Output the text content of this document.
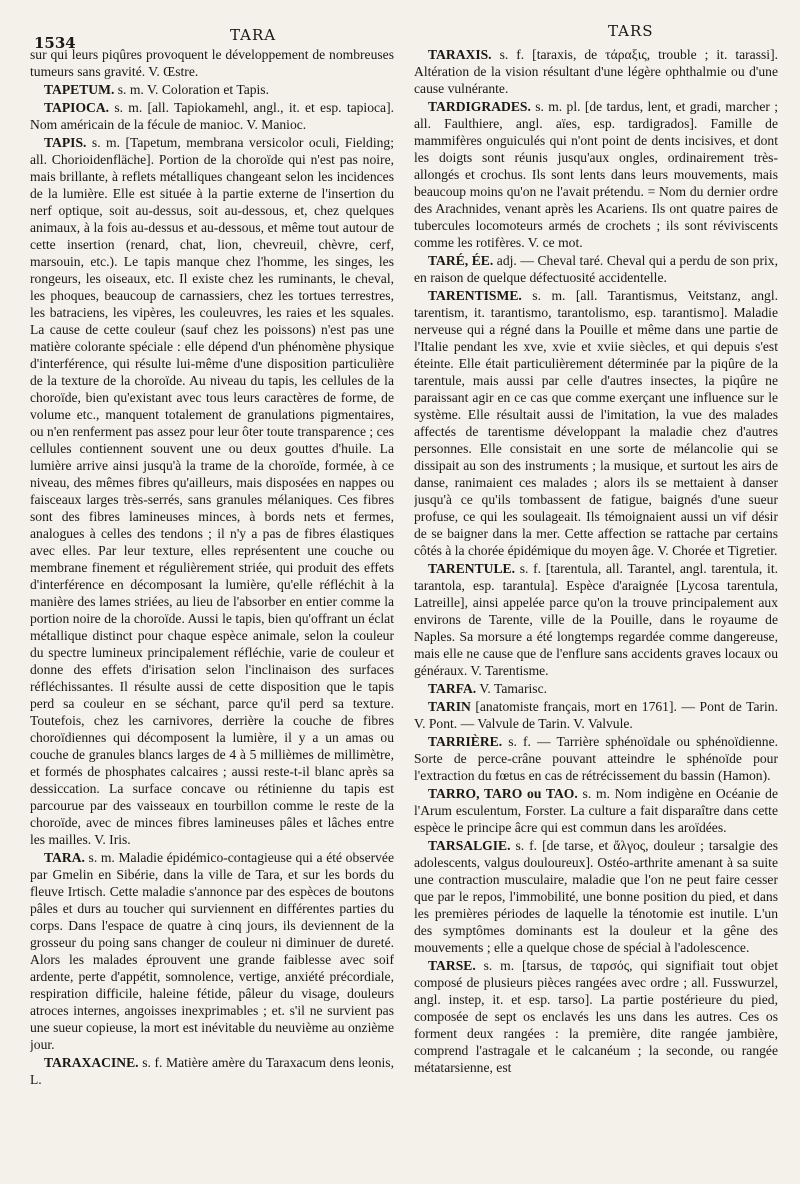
1534	TARA	TARS

sur qui leurs piqûres provoquent le développement de nombreuses tumeurs sans gravité. V. Œstre.

TAPETUM. s. m. V. Coloration et Tapis.

TAPIOCA. s. m. [all. Tapiokamehl, angl., it. et esp. tapioca]. Nom américain de la fécule de manioc. V. Manioc.

TAPIS. s. m. [Tapetum, membrana versicolor oculi, Fielding; all. Chorioidenfläche]. Portion de la choroïde qui n'est pas noire, mais brillante, à reflets métalliques changeant selon les incidences de la lumière. Elle est située à la partie externe de l'insertion du nerf optique, soit au-dessus, soit au-dessous, et, chez quelques animaux, à la fois au-dessus et au-dessous, et même tout autour de cette insertion (renard, chat, lion, chevreuil, chèvre, cerf, marsouin, etc.). Le tapis manque chez l'homme, les singes, les rongeurs, les oiseaux, etc. Il existe chez les ruminants, le cheval, les phoques, beaucoup de carnassiers, chez les tortues terrestres, les batraciens, les vipères, les couleuvres, les raies et les squales. La cause de cette couleur (sauf chez les poissons) n'est pas une matière colorante spéciale : elle dépend d'un phénomène physique d'interférence, qui résulte lui-même d'une disposition particulière de la texture de la choroïde. Au niveau du tapis, les cellules de la choroïde, bien qu'existant avec tous leurs caractères de forme, de volume etc., manquent totalement de granulations pigmentaires, ou n'en renferment pas assez pour leur ôter toute transparence ; ces cellules contiennent souvent une ou deux gouttes d'huile. La lumière arrive ainsi jusqu'à la trame de la choroïde, formée, à ce niveau, des mêmes fibres qu'ailleurs, mais disposées en nappes ou faisceaux larges très-serrés, sans granules mélaniques. Ces fibres sont des fibres lamineuses minces, à bords nets et fermes, analogues à celles des tendons ; il n'y a pas de fibres élastiques avec elles. Par leur texture, elles représentent une couche ou membrane finement et régulièrement striée, qui produit des effets d'interférence en décomposant la lumière, qu'elle réfléchit à la manière des lames striées, au lieu de l'absorber en entier comme la portion noire de la choroïde. Aussi le tapis, bien qu'offrant un éclat métallique distinct pour chaque espèce animale, selon la couleur du spectre lumineux principalement réfléchie, varie de couleur et donne des effets d'irisation selon l'inclinaison des surfaces réfléchissantes. Il résulte aussi de cette disposition que le tapis perd sa couleur en se séchant, parce qu'il perd sa texture. Toutefois, chez les carnivores, derrière la couche de fibres choroïdiennes qui décomposent la lumière, il y a un amas ou couche de granules blancs larges de 4 à 5 millièmes de millimètre, et formés de phosphates calcaires ; aussi reste-t-il blanc après sa dessiccation. La surface concave ou rétinienne du tapis est parcourue par des vaisseaux en tourbillon comme le reste de la choroïde, avec de minces fibres lamineuses pâles et lâches entre les mailles. V. Iris.

TARA. s. m. Maladie épidémico-contagieuse qui a été observée par Gmelin en Sibérie, dans la ville de Tara, et sur les bords du fleuve Irtisch. Cette maladie s'annonce par des espèces de boutons pâles et durs au toucher qui surviennent en différentes parties du corps. Dans l'espace de quatre à cinq jours, ils deviennent de la grosseur du poing sans changer de couleur ni diminuer de dureté. Alors les malades éprouvent une grande faiblesse avec soif ardente, perte d'appétit, somnolence, vertige, anxiété précordiale, respiration difficile, haleine fétide, pâleur du visage, douleurs atroces internes, angoisses inexprimables ; et. s'il ne survient pas une sueur copieuse, la mort est inévitable du neuvième au onzième jour.

TARAXACINE. s. f. Matière amère du Taraxacum dens leonis, L.

TARAXIS. s. f. [taraxis, de τάραξις, trouble ; it. tarassi]. Altération de la vision résultant d'une légère ophthalmie ou d'une cause vulnérante.

TARDIGRADES. s. m. pl. [de tardus, lent, et gradi, marcher ; all. Faulthiere, angl. aïes, esp. tardigrados]. Famille de mammifères onguiculés qui n'ont point de dents incisives, et dont les doigts sont réunis jusqu'aux ongles, ordinairement très-allongés et crochus. Ils sont lents dans leurs mouvements, mais beaucoup moins qu'on ne l'avait prétendu. = Nom du dernier ordre des Arachnides, venant après les Acariens. Ils ont quatre paires de tubercules locomoteurs armés de crochets ; ils sont réviviscents comme les rotifères. V. ce mot.

TARÉ, ÉE. adj. — Cheval taré. Cheval qui a perdu de son prix, en raison de quelque défectuosité accidentelle.

TARENTISME. s. m. [all. Tarantismus, Veitstanz, angl. tarentism, it. tarantismo, tarantolismo, esp. tarantismo]. Maladie nerveuse qui a régné dans la Pouille et même dans une partie de l'Italie pendant les xve, xvie et xviie siècles, et qui depuis s'est éteinte. Elle était particulièrement déterminée par la piqûre de la tarentule, mais aussi par celle d'autres insectes, la piqûre ne paraissant agir en ce cas que comme exerçant une influence sur le système. Elle résultait aussi de l'imitation, la vue des malades affectés de tarentisme développant la maladie chez d'autres personnes. Elle consistait en une sorte de mélancolie qui se dissipait au son des instruments ; la musique, et surtout les airs de danse, ranimaient ces malades ; alors ils se mettaient à danser jusqu'à ce qu'ils tombassent de fatigue, baignés d'une sueur profuse, ce qui les soulageait. Ils témoignaient aussi un vif désir de se baigner dans la mer. Cette affection se rattache par certains côtés à la chorée épidémique du moyen âge. V. Chorée et Tigretier.

TARENTULE. s. f. [tarentula, all. Tarantel, angl. tarentula, it. tarantola, esp. tarantula]. Espèce d'araignée [Lycosa tarentula, Latreille], ainsi appelée parce qu'on la trouve principalement aux environs de Tarente, ville de la Pouille, dans le royaume de Naples. Sa morsure a été longtemps regardée comme dangereuse, mais elle ne cause que de l'enflure sans accidents graves locaux ou généraux. V. Tarentisme.

TARFA. V. Tamarisc.

TARIN [anatomiste français, mort en 1761]. — Pont de Tarin. V. Pont. — Valvule de Tarin. V. Valvule.

TARRIÈRE. s. f. — Tarrière sphénoïdale ou sphénoïdienne. Sorte de perce-crâne pouvant atteindre le sphénoïde pour l'extraction du fœtus en cas de rétrécissement du bassin (Hamon).

TARRO, TARO ou TAO. s. m. Nom indigène en Océanie de l'Arum esculentum, Forster. La culture a fait disparaître dans cette espèce le principe âcre qui est commun dans les aroïdées.

TARSALGIE. s. f. [de tarse, et ἄλγος, douleur ; tarsalgie des adolescents, valgus douloureux]. Ostéo-arthrite amenant à sa suite une contraction musculaire, maladie que l'on ne peut faire cesser que par le repos, l'immobilité, une bonne position du pied, et dans les premières périodes de laquelle la ténotomie est inutile. L'un des symptômes dominants est la douleur et la gêne des mouvements ; elle a quelque chose de spécial à l'adolescence.

TARSE. s. m. [tarsus, de ταρσός, qui signifiait tout objet composé de plusieurs pièces rangées avec ordre ; all. Fusswurzel, angl. instep, it. et esp. tarso]. La partie postérieure du pied, composée de sept os enclavés les uns dans les autres. Ces os forment deux rangées : la première, dite rangée jambière, comprend l'astragale et le calcanéum ; la seconde, ou rangée métatarsienne, est
